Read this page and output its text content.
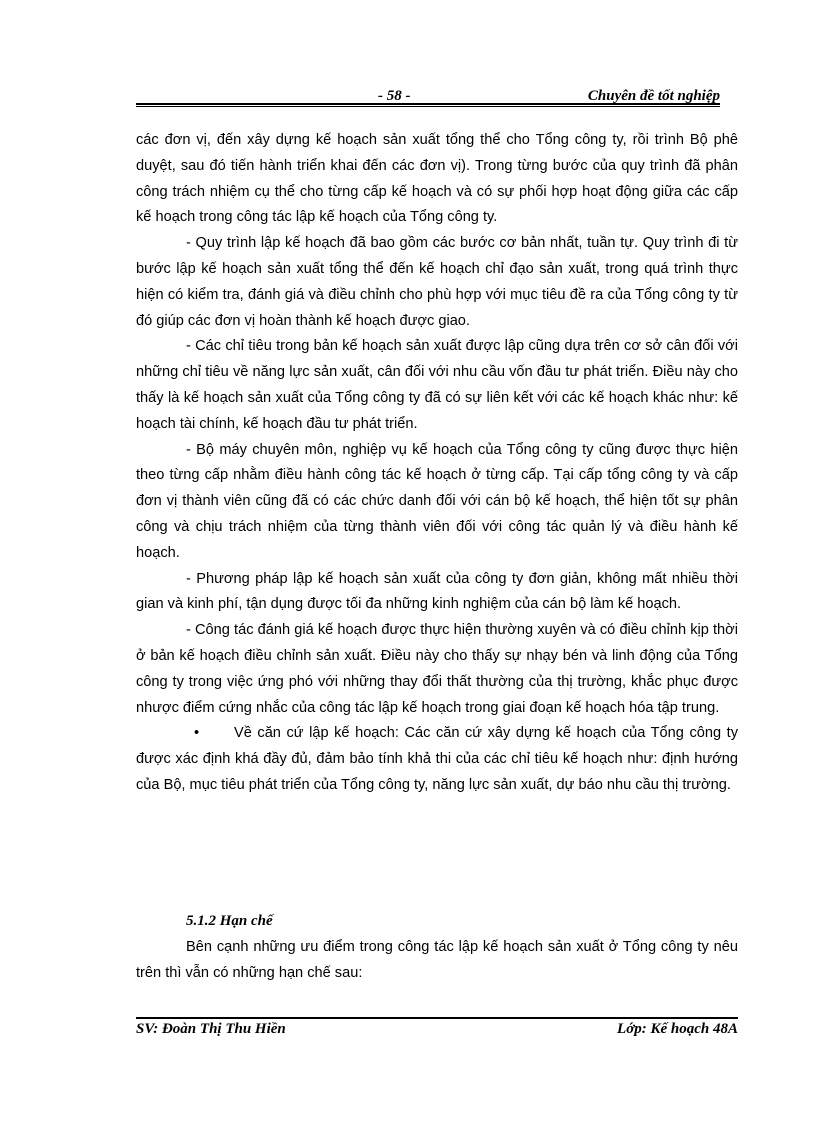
- 58 -	Chuyên đề tốt nghiệp

các đơn vị, đến xây dựng kế hoạch sản xuất tổng thể cho Tổng công ty, rồi trình Bộ phê duyệt, sau đó tiến hành triển khai đến các đơn vị). Trong từng bước của quy trình đã phân công trách nhiệm cụ thể cho từng cấp kế hoạch và có sự phối hợp hoạt động giữa các cấp kế hoạch trong công tác lập kế hoạch của Tổng công ty.

- Quy trình lập kế hoạch đã bao gồm các bước cơ bản nhất, tuần tự. Quy trình đi từ bước lập kế hoạch sản xuất tổng thể đến kế hoạch chỉ đạo sản xuất, trong quá trình thực hiện có kiểm tra, đánh giá và điều chỉnh cho phù hợp với mục tiêu đề ra của Tổng công ty từ đó giúp các đơn vị hoàn thành kế hoạch được giao.

- Các chỉ tiêu trong bản kế hoạch sản xuất được lập cũng dựa trên cơ sở cân đối với những chỉ tiêu về năng lực sản xuất, cân đối với nhu cầu vốn đầu tư phát triển. Điều này cho thấy là kế hoạch sản xuất của Tổng công ty đã có sự liên kết với các kế hoạch khác như: kế hoạch tài chính, kế hoạch đầu tư phát triển.

- Bộ máy chuyên môn, nghiệp vụ kế hoạch của Tổng công ty cũng được thực hiện theo từng cấp nhằm điều hành công tác kế hoạch ở từng cấp. Tại cấp tổng công ty và cấp đơn vị thành viên cũng đã có các chức danh đối với cán bộ kế hoạch, thể hiện tốt sự phân công và chịu trách nhiệm của từng thành viên đối với công tác quản lý và điều hành kế hoạch.

- Phương pháp lập kế hoạch sản xuất của công ty đơn giản, không mất nhiều thời gian và kinh phí, tận dụng được tối đa những kinh nghiệm của cán bộ làm kế hoạch.

- Công tác đánh giá kế hoạch được thực hiện thường xuyên và có điều chỉnh kịp thời ở bản kế hoạch điều chỉnh sản xuất. Điều này cho thấy sự nhạy bén và linh động của Tổng công ty trong việc ứng phó với những thay đổi thất thường của thị trường, khắc phục được nhược điểm cứng nhắc của công tác lập kế hoạch trong giai đoạn kế hoạch hóa tập trung.

• Về căn cứ lập kế hoạch: Các căn cứ xây dựng kế hoạch của Tổng công ty được xác định khá đầy đủ, đảm bảo tính khả thi của các chỉ tiêu kế hoạch như: định hướng của Bộ, mục tiêu phát triển của Tổng công ty, năng lực sản xuất, dự báo nhu cầu thị trường.

5.1.2 Hạn chế

Bên cạnh những ưu điểm trong công tác lập kế hoạch sản xuất ở Tổng công ty nêu trên thì vẫn có những hạn chế sau:

SV: Đoàn Thị Thu Hiền	Lớp: Kế hoạch 48A
